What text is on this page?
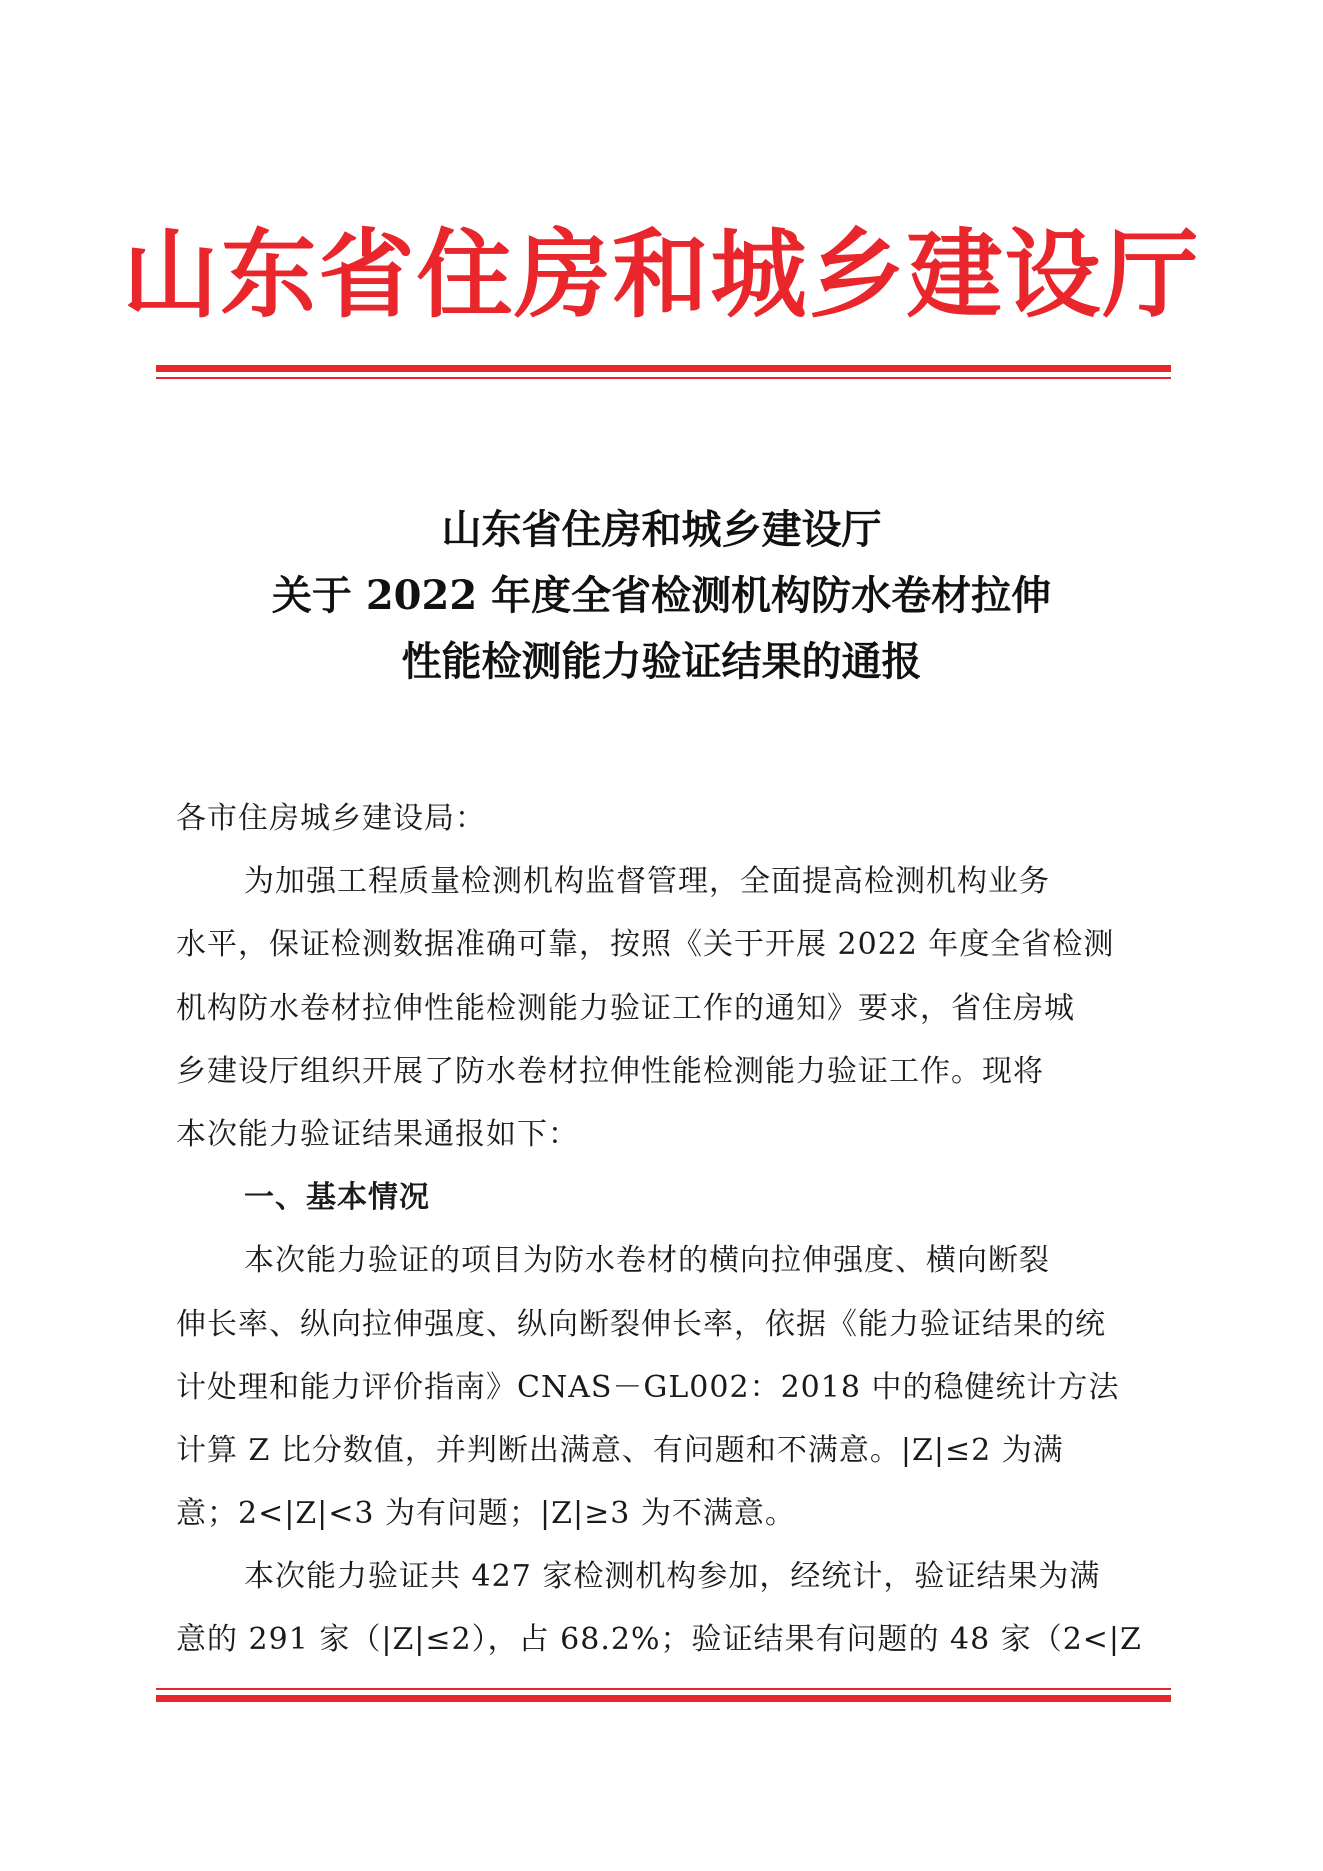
山东省住房和城乡建设厅
山东省住房和城乡建设厅
关于 2022 年度全省检测机构防水卷材拉伸
性能检测能力验证结果的通报
各市住房城乡建设局：
为加强工程质量检测机构监督管理，全面提高检测机构业务
水平，保证检测数据准确可靠，按照《关于开展 2022 年度全省检测
机构防水卷材拉伸性能检测能力验证工作的通知》要求，省住房城
乡建设厅组织开展了防水卷材拉伸性能检测能力验证工作。现将
本次能力验证结果通报如下：
一、基本情况
本次能力验证的项目为防水卷材的横向拉伸强度、横向断裂
伸长率、纵向拉伸强度、纵向断裂伸长率，依据《能力验证结果的统
计处理和能力评价指南》CNAS－GL002：2018 中的稳健统计方法
计算 Z 比分数值，并判断出满意、有问题和不满意。|Z|≤2 为满
意；2<|Z|<3 为有问题；|Z|≥3 为不满意。
本次能力验证共 427 家检测机构参加，经统计，验证结果为满
意的 291 家（|Z|≤2），占 68.2%；验证结果有问题的 48 家（2<|Z
